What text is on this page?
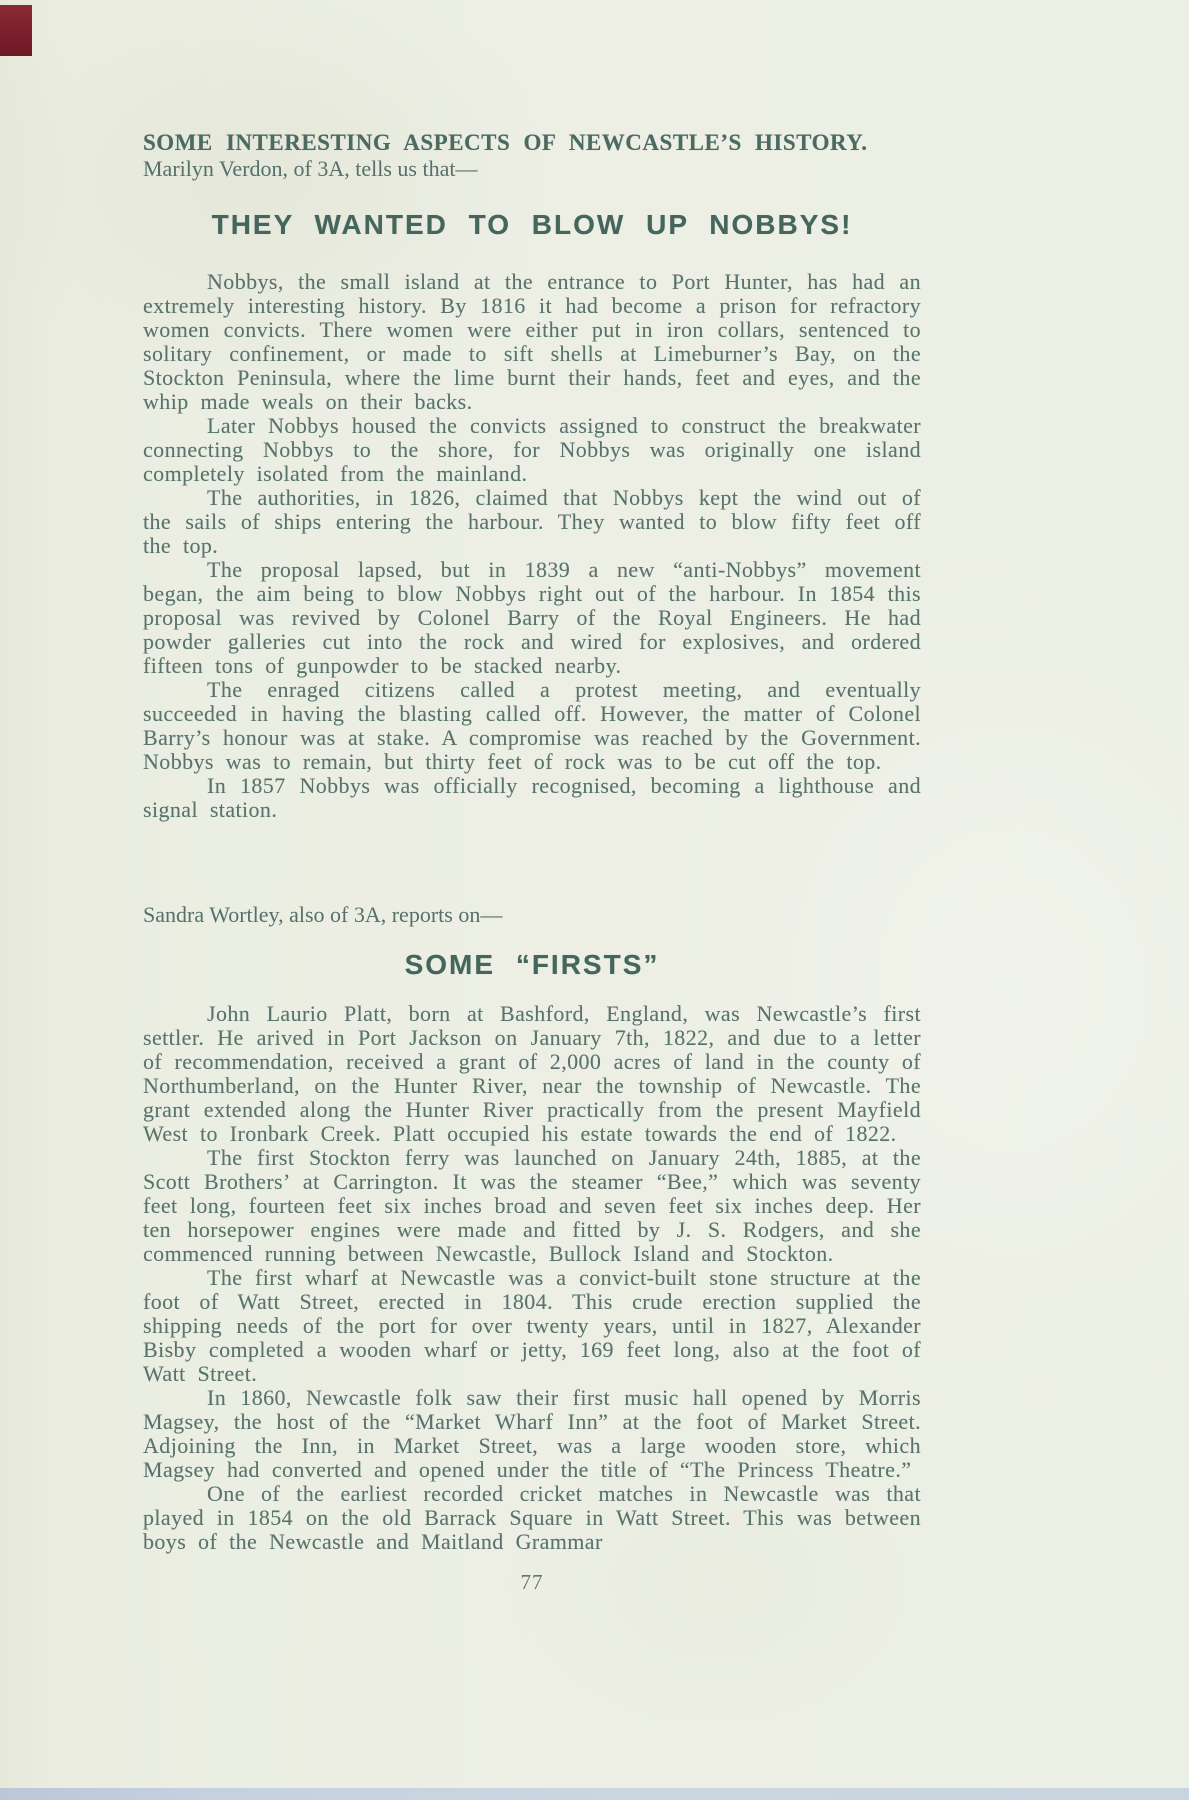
SOME INTERESTING ASPECTS OF NEWCASTLE’S HISTORY.
Marilyn Verdon, of 3A, tells us that—
THEY WANTED TO BLOW UP NOBBYS!

Nobbys, the small island at the entrance to Port Hunter, has had an extremely interesting history. By 1816 it had become a prison for refractory women convicts. There women were either put in iron collars, sentenced to solitary confinement, or made to sift shells at Limeburner’s Bay, on the Stockton Peninsula, where the lime burnt their hands, feet and eyes, and the whip made weals on their backs.

Later Nobbys housed the convicts assigned to construct the breakwater connecting Nobbys to the shore, for Nobbys was originally one island completely isolated from the mainland.

The authorities, in 1826, claimed that Nobbys kept the wind out of the sails of ships entering the harbour. They wanted to blow fifty feet off the top.

The proposal lapsed, but in 1839 a new “anti-Nobbys” movement began, the aim being to blow Nobbys right out of the harbour. In 1854 this proposal was revived by Colonel Barry of the Royal Engineers. He had powder galleries cut into the rock and wired for explosives, and ordered fifteen tons of gunpowder to be stacked nearby.

The enraged citizens called a protest meeting, and eventually succeeded in having the blasting called off. However, the matter of Colonel Barry’s honour was at stake. A compromise was reached by the Government. Nobbys was to remain, but thirty feet of rock was to be cut off the top.

In 1857 Nobbys was officially recognised, becoming a lighthouse and signal station.

Sandra Wortley, also of 3A, reports on—
SOME “FIRSTS”

John Laurio Platt, born at Bashford, England, was Newcastle’s first settler. He arived in Port Jackson on January 7th, 1822, and due to a letter of recommendation, received a grant of 2,000 acres of land in the county of Northumberland, on the Hunter River, near the township of Newcastle. The grant extended along the Hunter River practically from the present Mayfield West to Ironbark Creek. Platt occupied his estate towards the end of 1822.

The first Stockton ferry was launched on January 24th, 1885, at the Scott Brothers’ at Carrington. It was the steamer “Bee,” which was seventy feet long, fourteen feet six inches broad and seven feet six inches deep. Her ten horsepower engines were made and fitted by J. S. Rodgers, and she commenced running between Newcastle, Bullock Island and Stockton.

The first wharf at Newcastle was a convict-built stone structure at the foot of Watt Street, erected in 1804. This crude erection supplied the shipping needs of the port for over twenty years, until in 1827, Alexander Bisby completed a wooden wharf or jetty, 169 feet long, also at the foot of Watt Street.

In 1860, Newcastle folk saw their first music hall opened by Morris Magsey, the host of the “Market Wharf Inn” at the foot of Market Street. Adjoining the Inn, in Market Street, was a large wooden store, which Magsey had converted and opened under the title of “The Princess Theatre.”

One of the earliest recorded cricket matches in Newcastle was that played in 1854 on the old Barrack Square in Watt Street. This was between boys of the Newcastle and Maitland Grammar

77
